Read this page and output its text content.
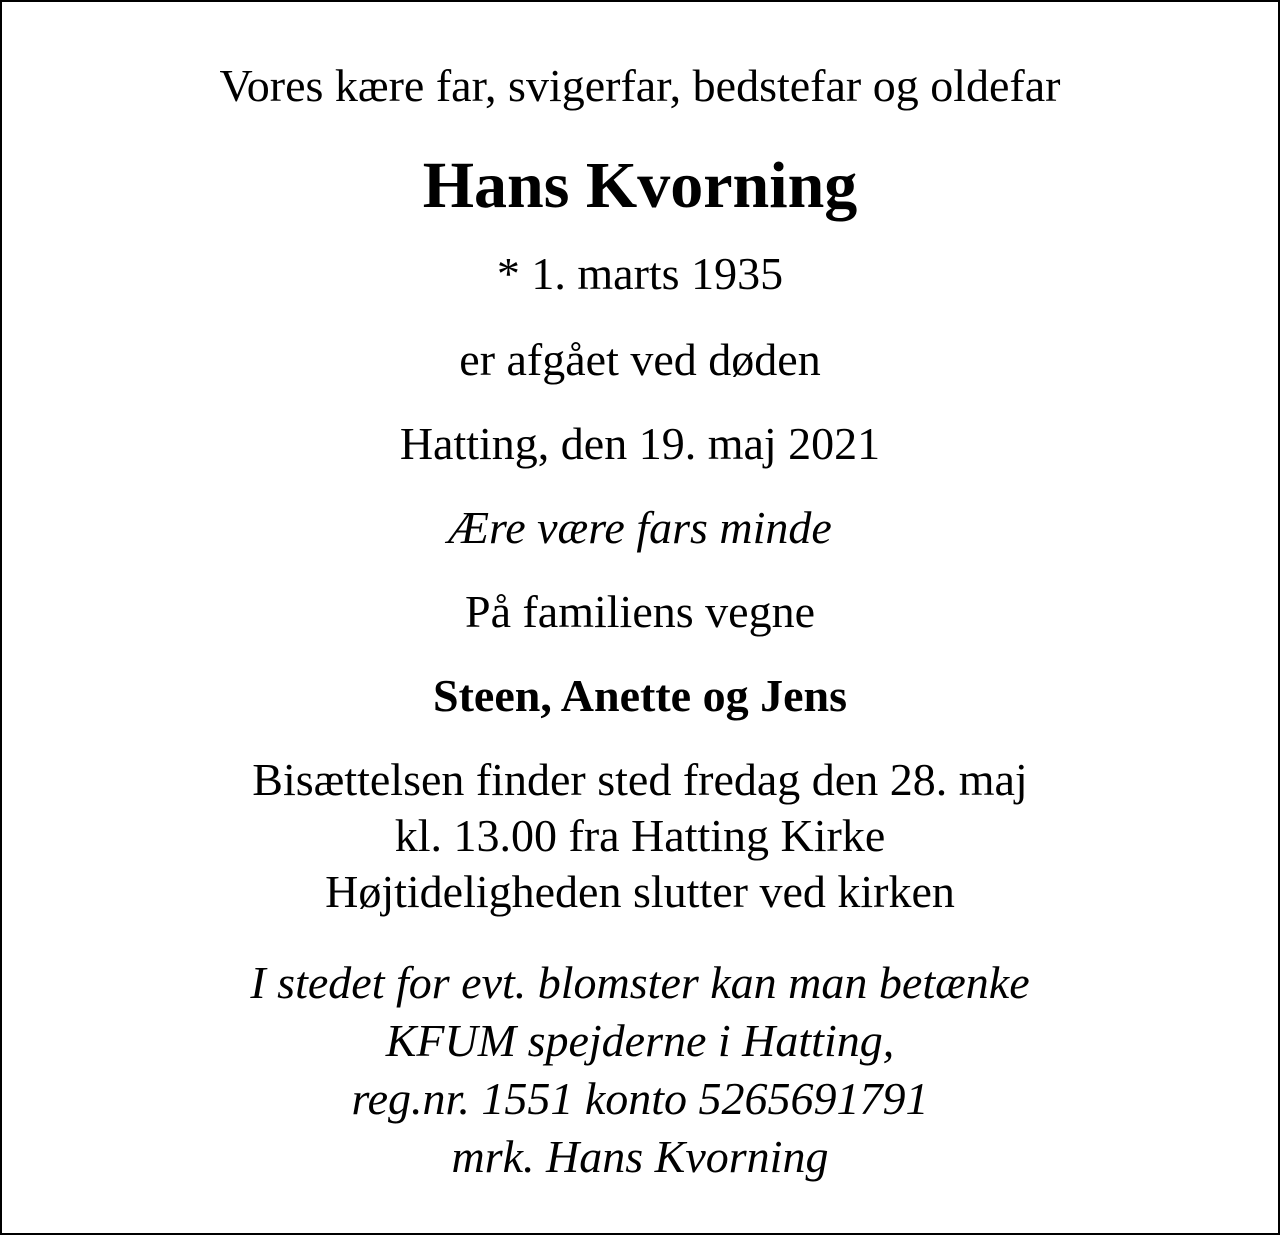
Vores kære far, svigerfar, bedstefar og oldefar
Hans Kvorning
* 1. marts 1935
er afgået ved døden
Hatting, den 19. maj 2021
Ære være fars minde
På familiens vegne
Steen, Anette og Jens
Bisættelsen finder sted fredag den 28. maj
kl. 13.00 fra Hatting Kirke
Højtideligheden slutter ved kirken
I stedet for evt. blomster kan man betænke
KFUM spejderne i Hatting,
reg.nr. 1551 konto 5265691791
mrk. Hans Kvorning
